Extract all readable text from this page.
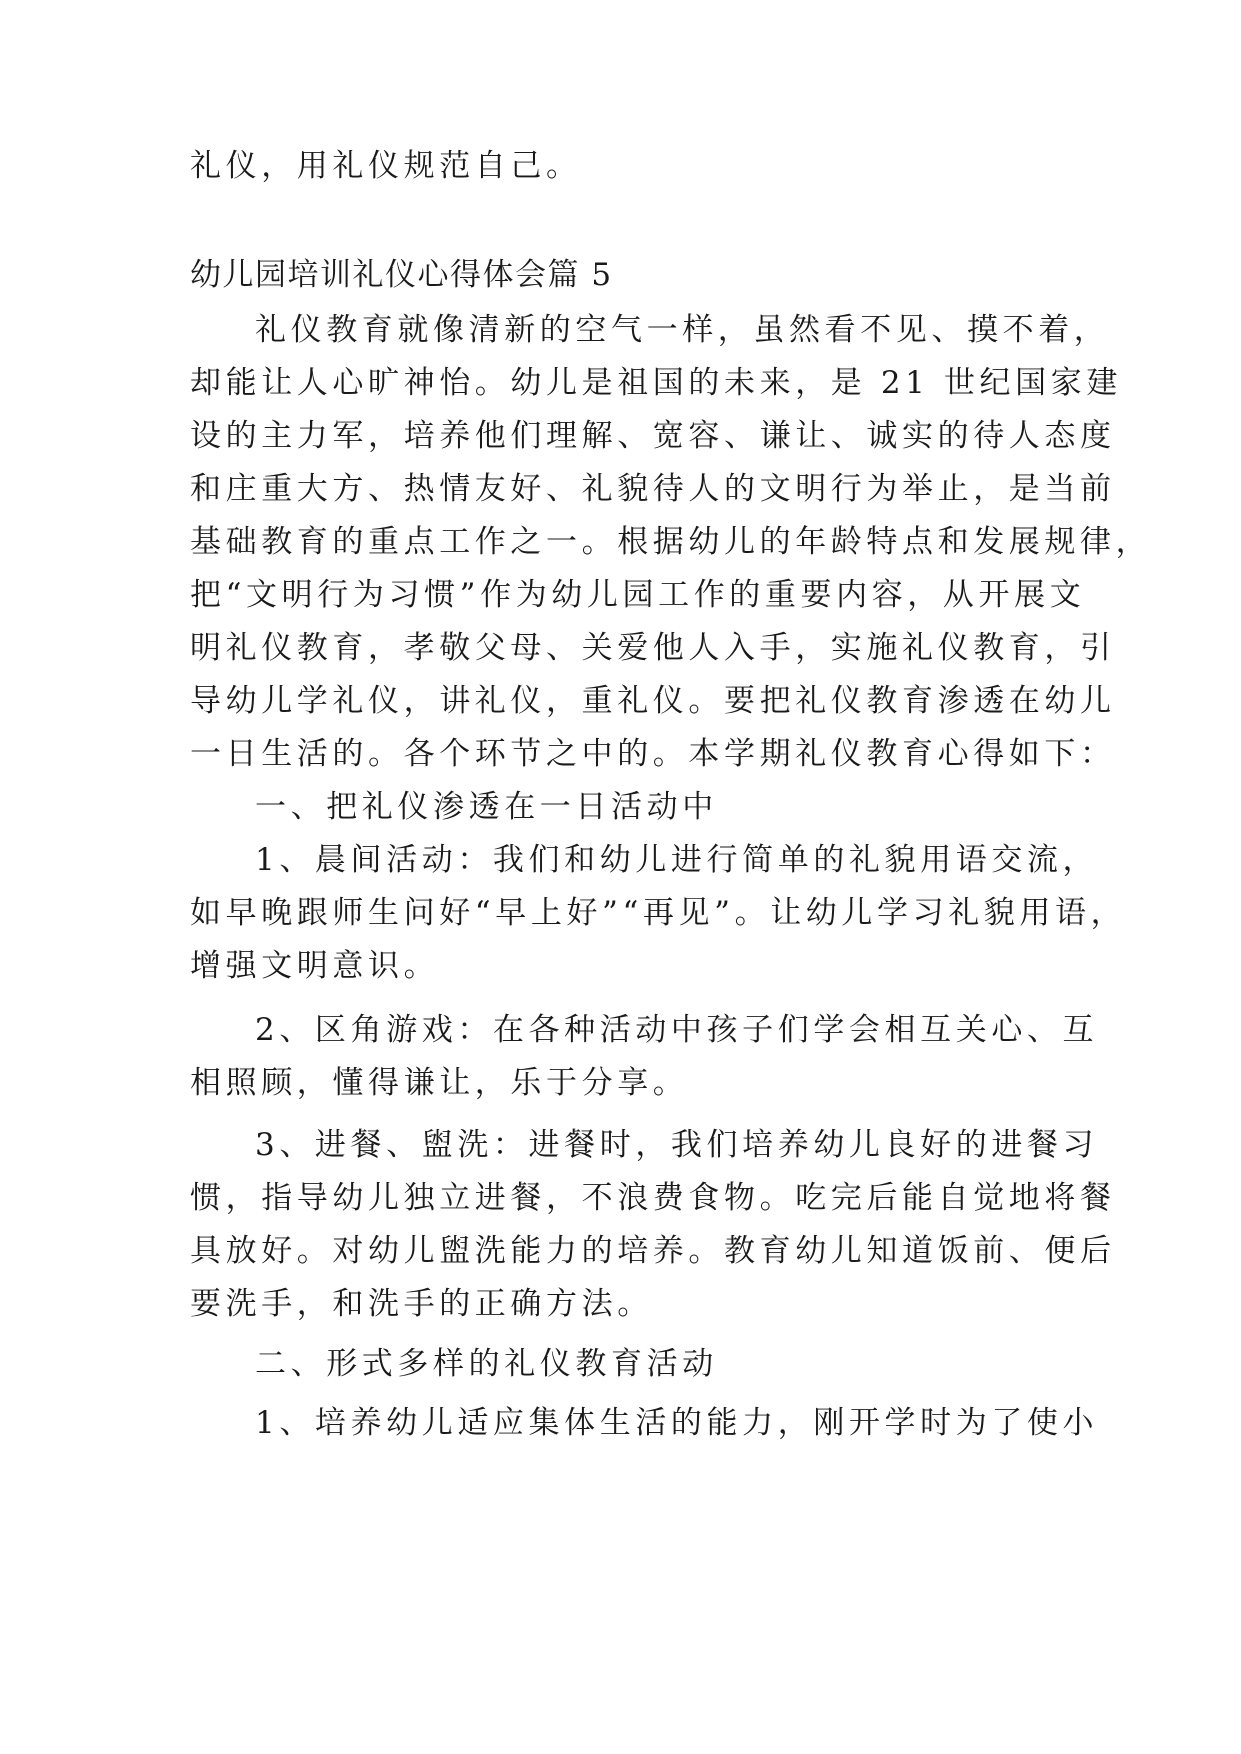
礼仪，用礼仪规范自己。
幼儿园培训礼仪心得体会篇 5
礼仪教育就像清新的空气一样，虽然看不见、摸不着，
却能让人心旷神怡。幼儿是祖国的未来，是 21 世纪国家建
设的主力军，培养他们理解、宽容、谦让、诚实的待人态度
和庄重大方、热情友好、礼貌待人的文明行为举止，是当前
基础教育的重点工作之一。根据幼儿的年龄特点和发展规律，
把“文明行为习惯”作为幼儿园工作的重要内容，从开展文
明礼仪教育，孝敬父母、关爱他人入手，实施礼仪教育，引
导幼儿学礼仪，讲礼仪，重礼仪。要把礼仪教育渗透在幼儿
一日生活的。各个环节之中的。本学期礼仪教育心得如下：
一、把礼仪渗透在一日活动中
1、晨间活动：我们和幼儿进行简单的礼貌用语交流，
如早晚跟师生问好“早上好”“再见”。让幼儿学习礼貌用语，
增强文明意识。
2、区角游戏：在各种活动中孩子们学会相互关心、互
相照顾，懂得谦让，乐于分享。
3、进餐、盥洗：进餐时，我们培养幼儿良好的进餐习
惯，指导幼儿独立进餐，不浪费食物。吃完后能自觉地将餐
具放好。对幼儿盥洗能力的培养。教育幼儿知道饭前、便后
要洗手，和洗手的正确方法。
二、形式多样的礼仪教育活动
1、培养幼儿适应集体生活的能力，刚开学时为了使小
